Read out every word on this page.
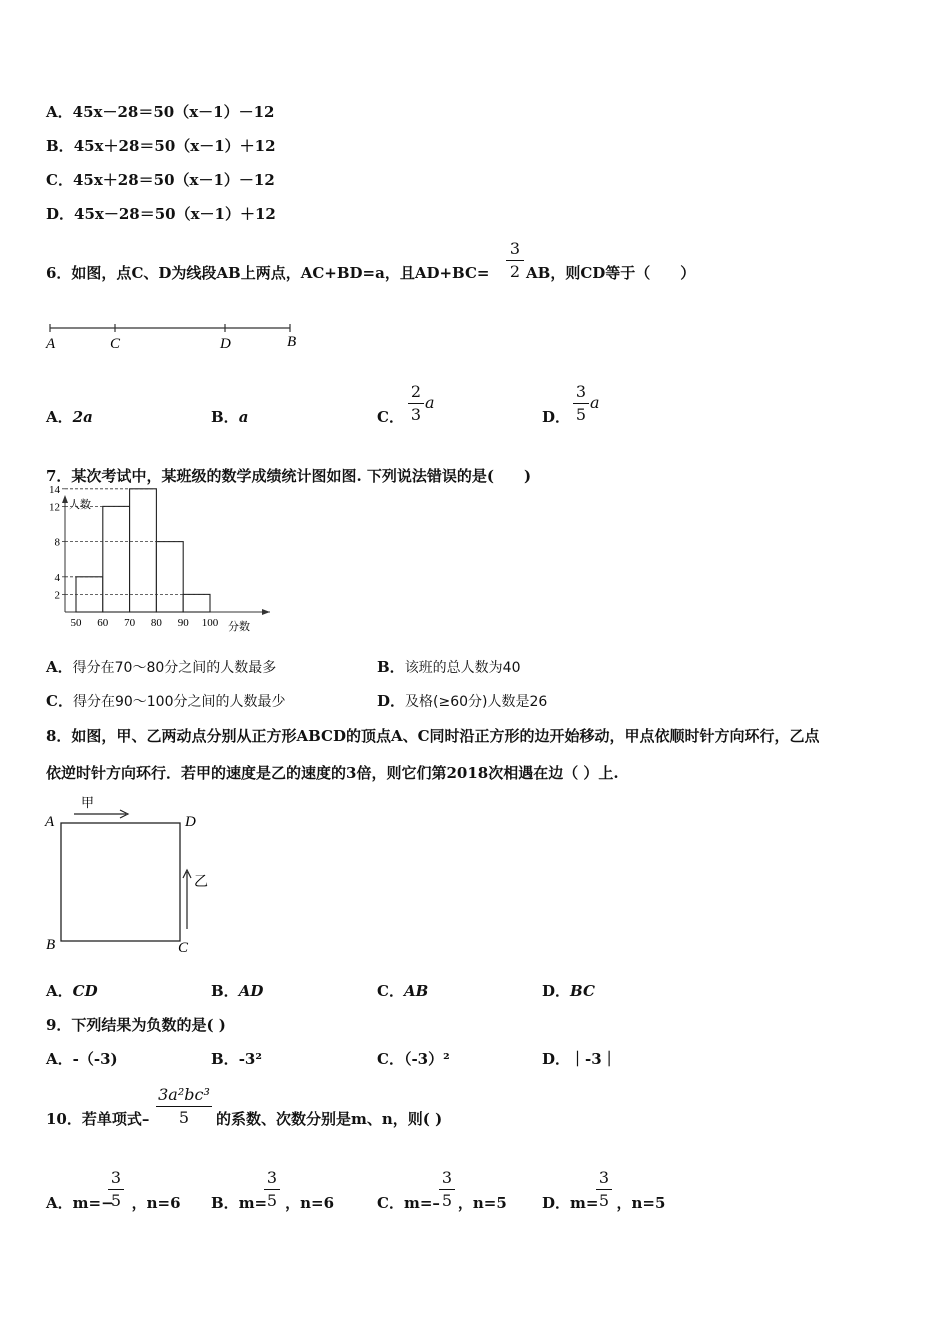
A．45x－28＝50（x－1）－12
B．45x＋28＝50（x－1）＋12
C．45x＋28＝50（x－1）－12
D．45x－28＝50（x－1）＋12
6．如图，点C、D为线段AB上两点，AC+BD=a，且AD+BC=
3
2 AB，则CD等于（　　）
A	C	D	B
A．2a	B．a	C．
2
3
a
D．
3
5
a
7．某次考试中，某班级的数学成绩统计图如图. 下列说法错误的是(　　)
人数
分数
2
4
8
12
14
50 60 70 80 90 100
A．得分在70～80分之间的人数最多	B．该班的总人数为40
C．得分在90～100分之间的人数最少	D．及格(≥60分)人数是26
8．如图，甲、乙两动点分别从正方形ABCD的顶点A、C同时沿正方形的边开始移动，甲点依顺时针方向环行，乙点
依逆时针方向环行．若甲的速度是乙的速度的3倍，则它们第2018次相遇在边（ ）上.
A	D
B	C
甲
乙
A．CD	B．AD	C．AB	D．BC
9．下列结果为负数的是( )
A．-（-3)	B．-3²	C．（-3）²	D．｜-3｜
10．若单项式–
3a²bc³
5	的系数、次数分别是m、n，则( )
A．m=− ，n=6
3
5	B．m= ，n=6
3
5	C．m=– ，n=5
3
5	D．m= ，n=5
3
5
